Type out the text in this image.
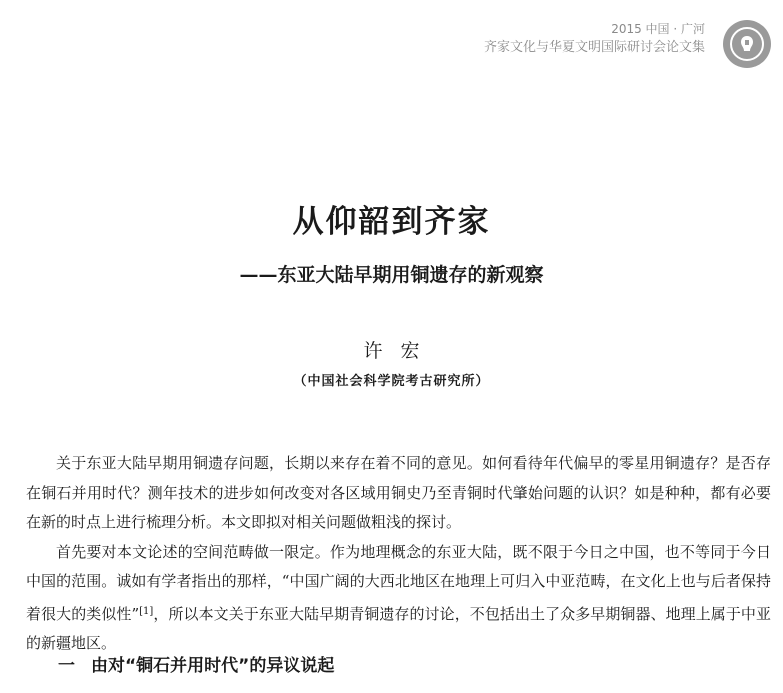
2015 中国 · 广河
齐家文化与华夏文明国际研讨会论文集
从仰韶到齐家
——东亚大陆早期用铜遗存的新观察
许宏
（中国社会科学院考古研究所）

关于东亚大陆早期用铜遗存问题，长期以来存在着不同的意见。如何看待年代偏早的零星用铜遗存？是否存在铜石并用时代？测年技术的进步如何改变对各区域用铜史乃至青铜时代肇始问题的认识？如是种种，都有必要在新的时点上进行梳理分析。本文即拟对相关问题做粗浅的探讨。

首先要对本文论述的空间范畴做一限定。作为地理概念的东亚大陆，既不限于今日之中国，也不等同于今日中国的范围。诚如有学者指出的那样，“中国广阔的大西北地区在地理上可归入中亚范畴，在文化上也与后者保持着很大的类似性”[1]，所以本文关于东亚大陆早期青铜遗存的讨论，不包括出土了众多早期铜器、地理上属于中亚的新疆地区。

一 由对“铜石并用时代”的异议说起
